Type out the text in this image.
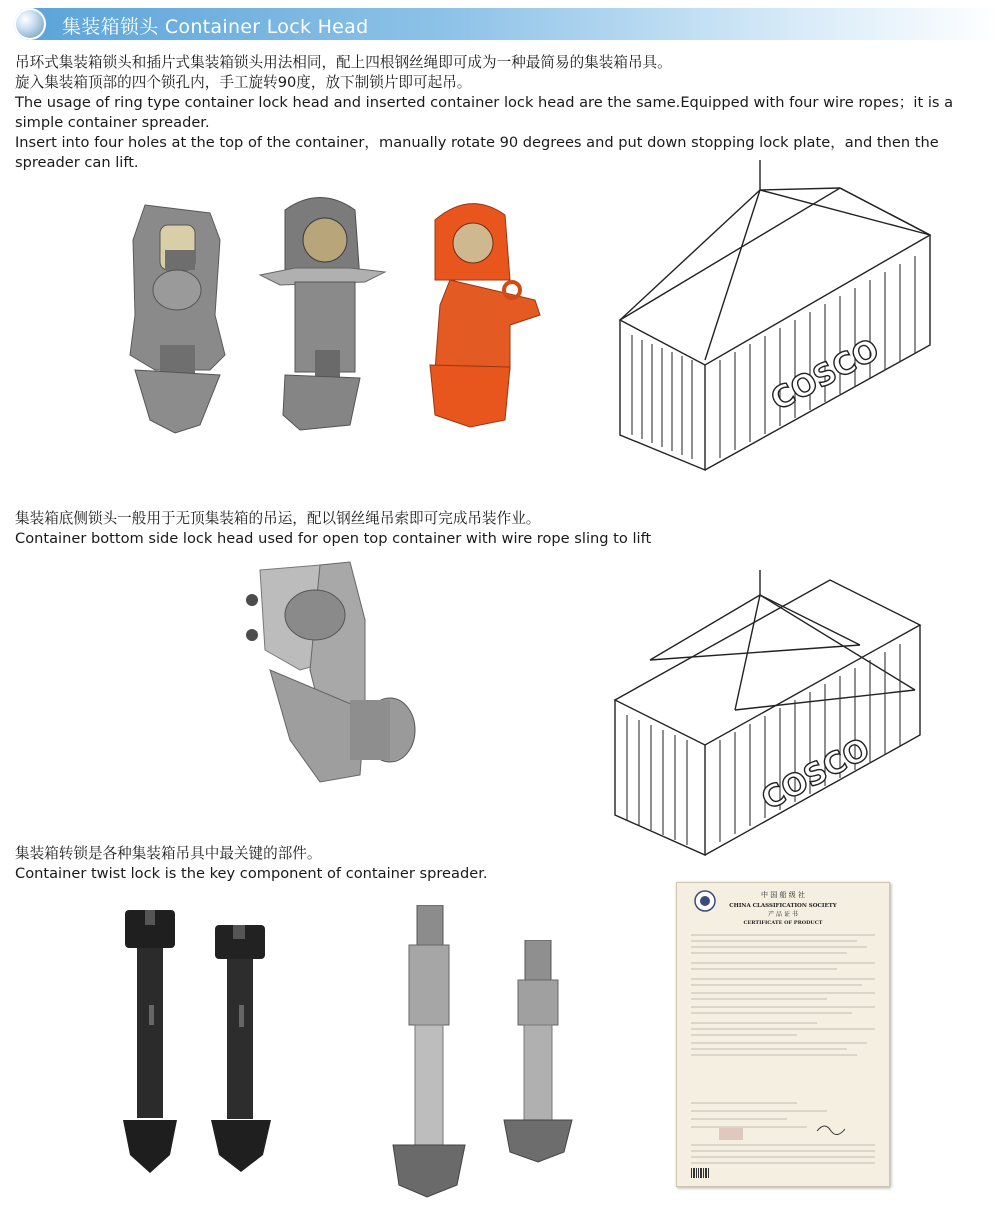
集装箱锁头 Container Lock Head
吊环式集装箱锁头和插片式集装箱锁头用法相同，配上四根钢丝绳即可成为一种最简易的集装箱吊具。
旋入集装箱顶部的四个锁孔内，手工旋转90度，放下制锁片即可起吊。
The usage of ring type container lock head and inserted container lock head are the same.Equipped with four wire ropes；it is a
simple container spreader.
Insert into four holes at the top of the container，manually rotate 90 degrees and put down stopping lock plate，and then the
spreader can lift.
COSCO
集装箱底侧锁头一般用于无顶集装箱的吊运，配以钢丝绳吊索即可完成吊装作业。
Container bottom side lock head used for open top container with wire rope sling to lift
COSCO
集装箱转锁是各种集装箱吊具中最关键的部件。
Container twist lock is the key component of container spreader.
中 国 船 级 社
CHINA CLASSIFICATION SOCIETY
产 品 证 书
CERTIFICATE OF PRODUCT
